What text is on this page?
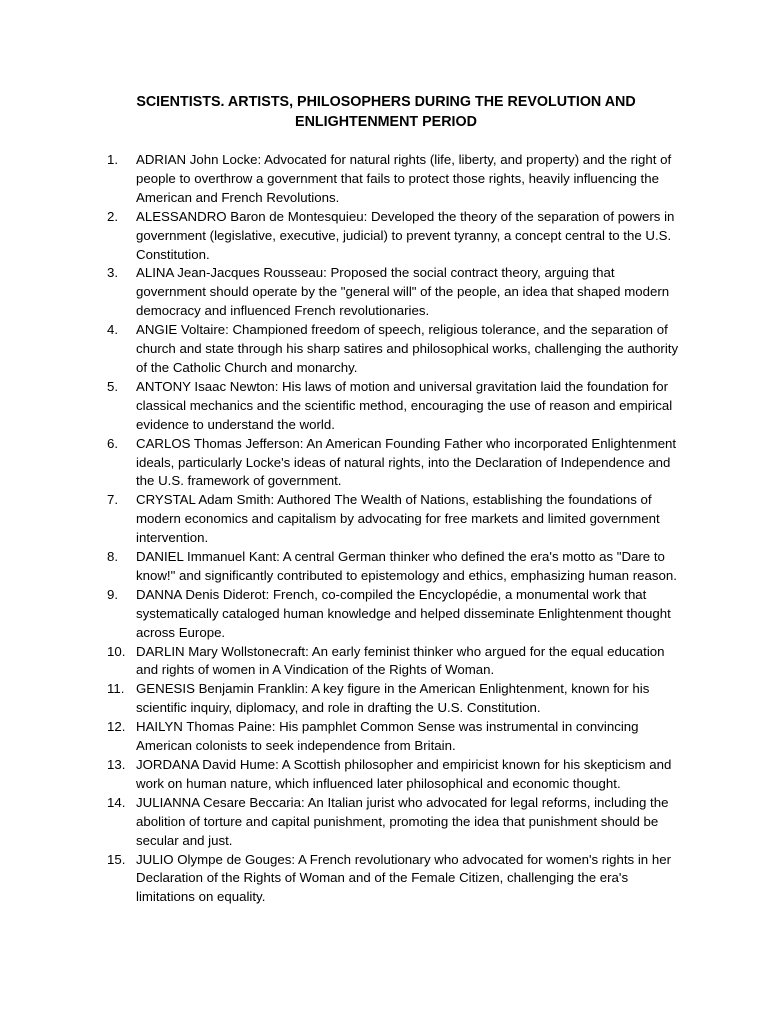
SCIENTISTS. ARTISTS, PHILOSOPHERS DURING THE REVOLUTION AND ENLIGHTENMENT PERIOD
1.	ADRIAN John Locke: Advocated for natural rights (life, liberty, and property) and the right of people to overthrow a government that fails to protect those rights, heavily influencing the American and French Revolutions.
2.	ALESSANDRO Baron de Montesquieu: Developed the theory of the separation of powers in government (legislative, executive, judicial) to prevent tyranny, a concept central to the U.S. Constitution.
3.	ALINA Jean-Jacques Rousseau: Proposed the social contract theory, arguing that government should operate by the "general will" of the people, an idea that shaped modern democracy and influenced French revolutionaries.
4.	ANGIE Voltaire: Championed freedom of speech, religious tolerance, and the separation of church and state through his sharp satires and philosophical works, challenging the authority of the Catholic Church and monarchy.
5.	ANTONY Isaac Newton: His laws of motion and universal gravitation laid the foundation for classical mechanics and the scientific method, encouraging the use of reason and empirical evidence to understand the world.
6.	CARLOS Thomas Jefferson: An American Founding Father who incorporated Enlightenment ideals, particularly Locke's ideas of natural rights, into the Declaration of Independence and the U.S. framework of government.
7.	CRYSTAL Adam Smith: Authored The Wealth of Nations, establishing the foundations of modern economics and capitalism by advocating for free markets and limited government intervention.
8.	DANIEL Immanuel Kant: A central German thinker who defined the era's motto as "Dare to know!" and significantly contributed to epistemology and ethics, emphasizing human reason.
9.	DANNA Denis Diderot: French, co-compiled the Encyclopédie, a monumental work that systematically cataloged human knowledge and helped disseminate Enlightenment thought across Europe.
10. DARLIN Mary Wollstonecraft: An early feminist thinker who argued for the equal education and rights of women in A Vindication of the Rights of Woman.
11. GENESIS Benjamin Franklin: A key figure in the American Enlightenment, known for his scientific inquiry, diplomacy, and role in drafting the U.S. Constitution.
12. HAILYN Thomas Paine: His pamphlet Common Sense was instrumental in convincing American colonists to seek independence from Britain.
13. JORDANA David Hume: A Scottish philosopher and empiricist known for his skepticism and work on human nature, which influenced later philosophical and economic thought.
14. JULIANNA Cesare Beccaria: An Italian jurist who advocated for legal reforms, including the abolition of torture and capital punishment, promoting the idea that punishment should be secular and just.
15. JULIO Olympe de Gouges: A French revolutionary who advocated for women's rights in her Declaration of the Rights of Woman and of the Female Citizen, challenging the era's limitations on equality.
